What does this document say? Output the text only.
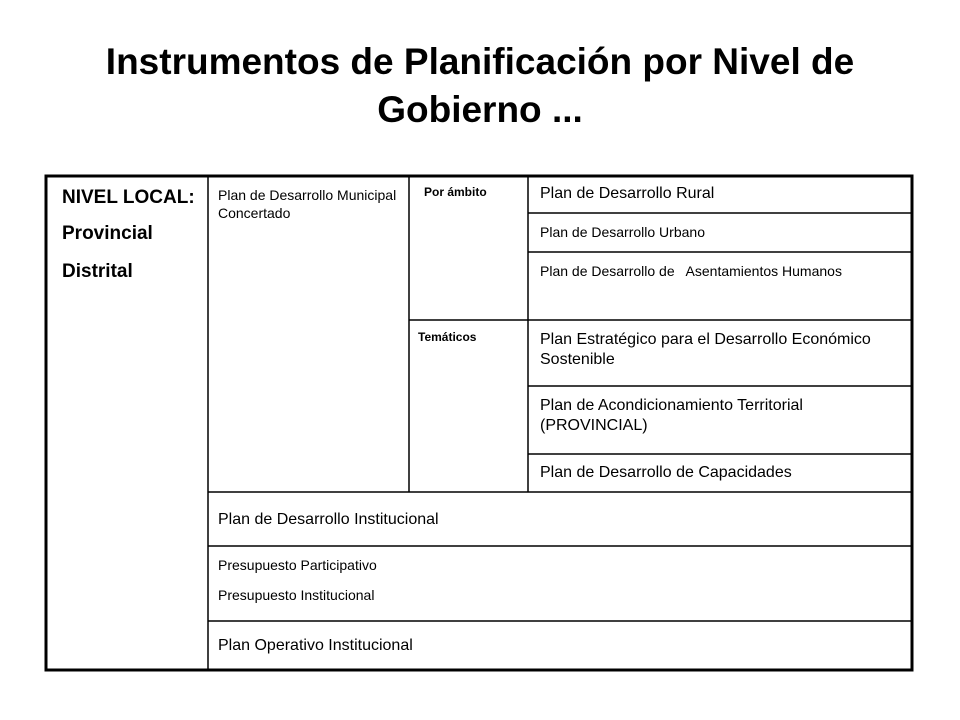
Instrumentos de Planificación por Nivel de
Gobierno ...
NIVEL LOCAL:
Provincial
Distrital
Plan de Desarrollo Municipal Concertado
Por ámbito	Plan de Desarrollo Rural
Plan de Desarrollo Urbano
Plan de Desarrollo de   Asentamientos Humanos
Temáticos	Plan Estratégico para el Desarrollo Económico Sostenible
Plan de Acondicionamiento Territorial (PROVINCIAL)
Plan de Desarrollo de Capacidades
Plan de Desarrollo Institucional
Presupuesto Participativo
Presupuesto Institucional
Plan Operativo Institucional
